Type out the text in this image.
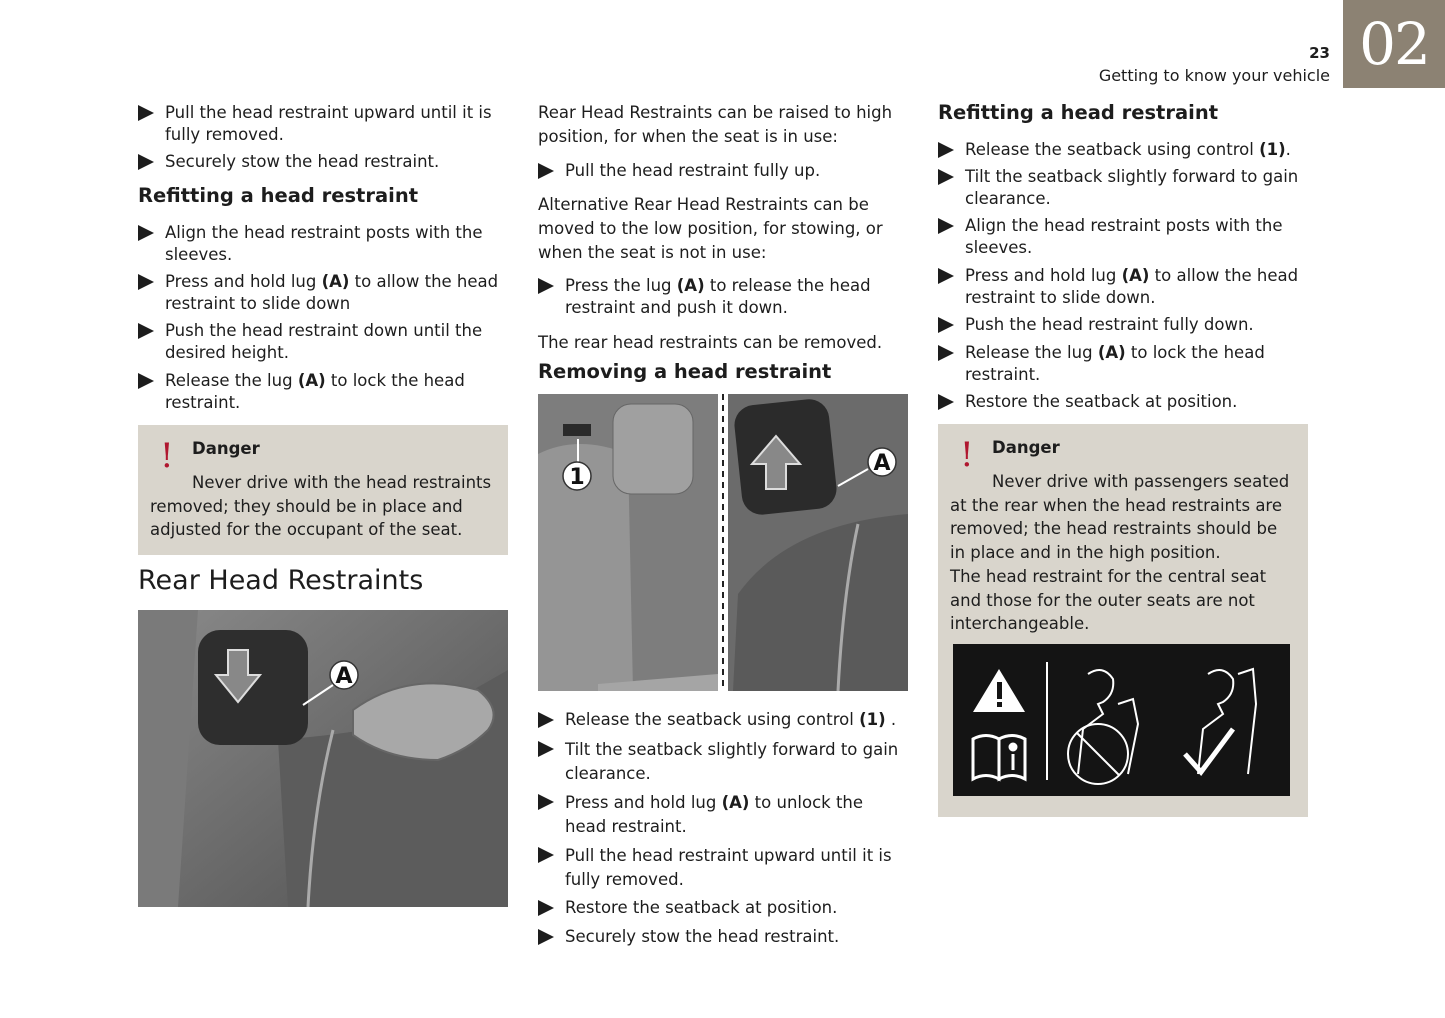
02
23
Getting to know your vehicle
Pull the head restraint upward until it is fully removed.
Securely stow the head restraint.
Refitting a head restraint
Align the head restraint posts with the sleeves.
Press and hold lug (A) to allow the head restraint to slide down
Push the head restraint down until the desired height.
Release the lug (A) to lock the head restraint.
! Danger
Never drive with the head restraints removed; they should be in place and adjusted for the occupant of the seat.
Rear Head Restraints
A
Rear Head Restraints can be raised to high position, for when the seat is in use:
Pull the head restraint fully up.
Alternative Rear Head Restraints can be moved to the low position, for stowing, or when the seat is not in use:
Press the lug (A) to release the head restraint and push it down.
The rear head restraints can be removed.
Removing a head restraint
1
A
Release the seatback using control (1) .
Tilt the seatback slightly forward to gain clearance.
Press and hold lug (A) to unlock the head restraint.
Pull the head restraint upward until it is fully removed.
Restore the seatback at position.
Securely stow the head restraint.
Refitting a head restraint
Release the seatback using control (1).
Tilt the seatback slightly forward to gain clearance.
Align the head restraint posts with the sleeves.
Press and hold lug (A) to allow the head restraint to slide down.
Push the head restraint fully down.
Release the lug (A) to lock the head restraint.
Restore the seatback at position.
! Danger
Never drive with passengers seated at the rear when the head restraints are removed; the head restraints should be in place and in the high position.
The head restraint for the central seat and those for the outer seats are not interchangeable.
